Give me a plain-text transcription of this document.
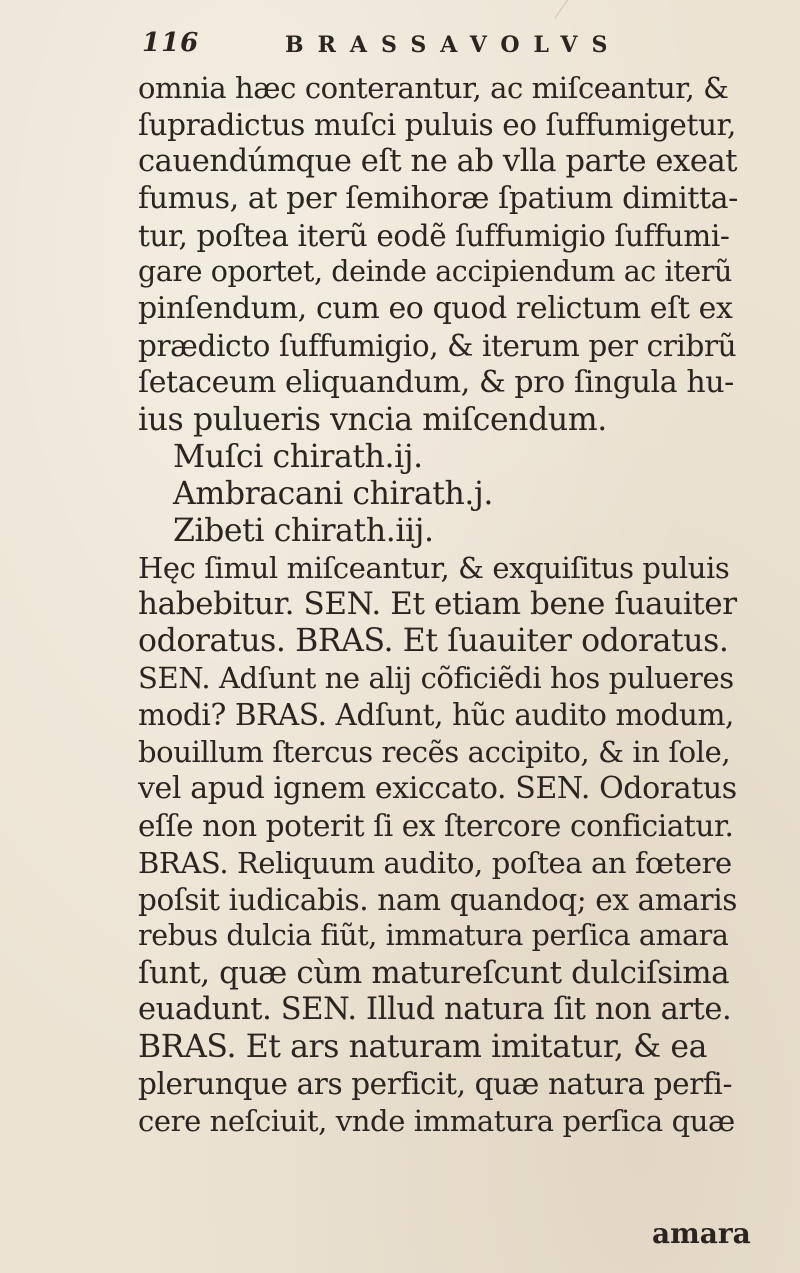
116	BRASSAVOLVS
omnia hæc conterantur, ac miſceantur, &
ſupradictus muſci puluis eo ſuffumigetur,
cauendúmque eſt ne ab vlla parte exeat
fumus, at per ſemihoræ ſpatium dimitta-
tur, poſtea iterũ eodẽ ſuffumigio ſuffumi-
gare oportet, deinde accipiendum ac iterũ
pinſendum, cum eo quod relictum eſt ex
prædicto ſuffumigio, & iterum per cribrũ
ſetaceum eliquandum, & pro ſingula hu-
ius pulueris vncia miſcendum.
Muſci chirath.ij.
Ambracani chirath.j.
Zibeti chirath.iij.
Hęc ſimul miſceantur, & exquiſitus puluis
habebitur. SEN. Et etiam bene ſuauiter
odoratus. BRAS. Et ſuauiter odoratus.
SEN. Adſunt ne alij cõficiẽdi hos pulueres
modi? BRAS. Adſunt, hũc audito modum,
bouillum ſtercus recẽs accipito, & in ſole,
vel apud ignem exiccato. SEN. Odoratus
eſſe non poterit ſi ex ſtercore conficiatur.
BRAS. Reliquum audito, poſtea an fœtere
poſsit iudicabis. nam quandoq; ex amaris
rebus dulcia fiũt, immatura perſica amara
ſunt, quæ cùm matureſcunt dulciſsima
euadunt. SEN. Illud natura ſit non arte.
BRAS. Et ars naturam imitatur, & ea
plerunque ars perficit, quæ natura perfi-
cere neſciuit, vnde immatura perſica quæ
amara
